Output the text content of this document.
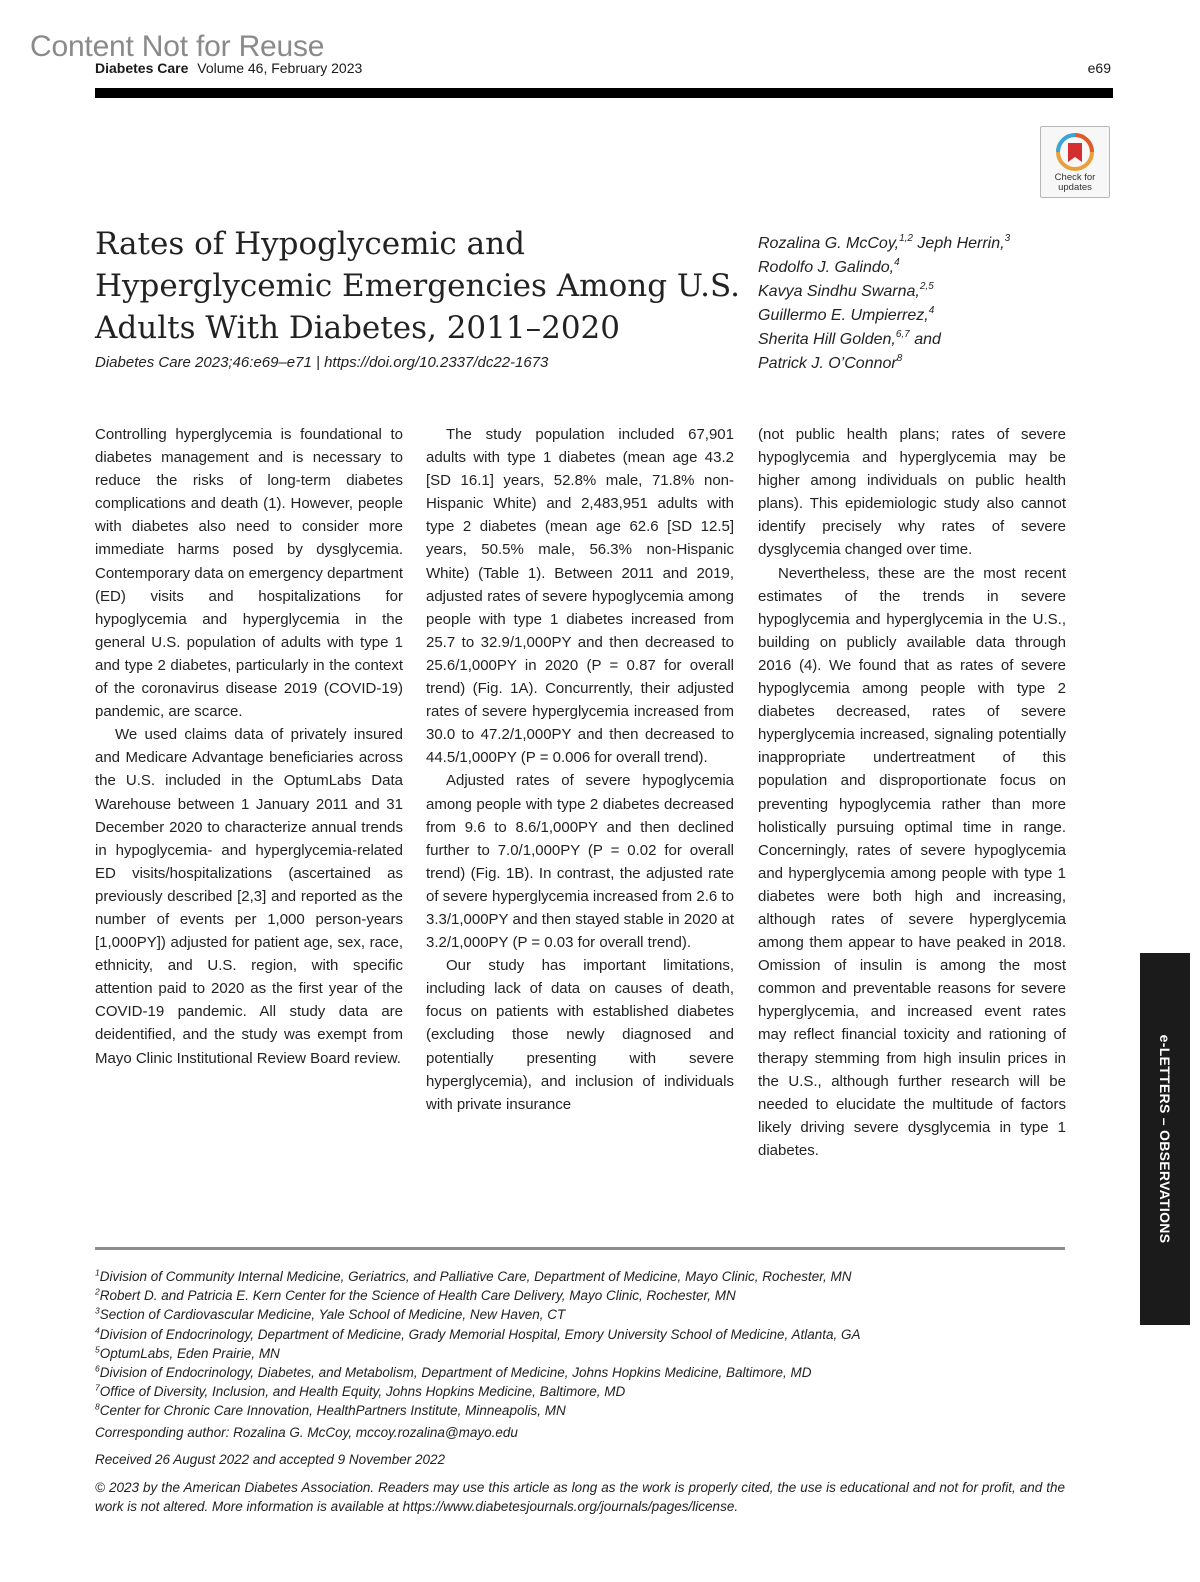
Content Not for Reuse
Diabetes Care Volume 46, February 2023	e69
Check for updates
Rates of Hypoglycemic and
Hyperglycemic Emergencies Among U.S.
Adults With Diabetes, 2011–2020
Diabetes Care 2023;46:e69–e71 | https://doi.org/10.2337/dc22-1673
Rozalina G. McCoy,$^{1,2}$ Jeph Herrin,$^3$
Rodolfo J. Galindo,$^4$
Kavya Sindhu Swarna,$^{2,5}$
Guillermo E. Umpierrez,$^4$
Sherita Hill Golden,$^{6,7}$ and
Patrick J. O’Connor$^8$

Controlling hyperglycemia is foundational to diabetes management and is necessary to reduce the risks of long-term diabetes complications and death (1). However, people with diabetes also need to consider more immediate harms posed by dysglycemia. Contemporary data on emergency department (ED) visits and hospitalizations for hypoglycemia and hyperglycemia in the general U.S. population of adults with type 1 and type 2 diabetes, particularly in the context of the coronavirus disease 2019 (COVID-19) pandemic, are scarce.

We used claims data of privately insured and Medicare Advantage beneficiaries across the U.S. included in the OptumLabs Data Warehouse between 1 January 2011 and 31 December 2020 to characterize annual trends in hypoglycemia- and hyperglycemia-related ED visits/hospitalizations (ascertained as previously described [2,3] and reported as the number of events per 1,000 person-years [1,000PY]) adjusted for patient age, sex, race, ethnicity, and U.S. region, with specific attention paid to 2020 as the first year of the COVID-19 pandemic. All study data are deidentified, and the study was exempt from Mayo Clinic Institutional Review Board review.

The study population included 67,901 adults with type 1 diabetes (mean age 43.2 [SD 16.1] years, 52.8% male, 71.8% non-Hispanic White) and 2,483,951 adults with type 2 diabetes (mean age 62.6 [SD 12.5] years, 50.5% male, 56.3% non-Hispanic White) (Table 1). Between 2011 and 2019, adjusted rates of severe hypoglycemia among people with type 1 diabetes increased from 25.7 to 32.9/1,000PY and then decreased to 25.6/1,000PY in 2020 (P = 0.87 for overall trend) (Fig. 1A). Concurrently, their adjusted rates of severe hyperglycemia increased from 30.0 to 47.2/1,000PY and then decreased to 44.5/1,000PY (P = 0.006 for overall trend).

Adjusted rates of severe hypoglycemia among people with type 2 diabetes decreased from 9.6 to 8.6/1,000PY and then declined further to 7.0/1,000PY (P = 0.02 for overall trend) (Fig. 1B). In contrast, the adjusted rate of severe hyperglycemia increased from 2.6 to 3.3/1,000PY and then stayed stable in 2020 at 3.2/1,000PY (P = 0.03 for overall trend).

Our study has important limitations, including lack of data on causes of death, focus on patients with established diabetes (excluding those newly diagnosed and potentially presenting with severe hyperglycemia), and inclusion of individuals with private insurance

(not public health plans; rates of severe hypoglycemia and hyperglycemia may be higher among individuals on public health plans). This epidemiologic study also cannot identify precisely why rates of severe dysglycemia changed over time.

Nevertheless, these are the most recent estimates of the trends in severe hypoglycemia and hyperglycemia in the U.S., building on publicly available data through 2016 (4). We found that as rates of severe hypoglycemia among people with type 2 diabetes decreased, rates of severe hyperglycemia increased, signaling potentially inappropriate undertreatment of this population and disproportionate focus on preventing hypoglycemia rather than more holistically pursuing optimal time in range. Concerningly, rates of severe hypoglycemia and hyperglycemia among people with type 1 diabetes were both high and increasing, although rates of severe hyperglycemia among them appear to have peaked in 2018. Omission of insulin is among the most common and preventable reasons for severe hyperglycemia, and increased event rates may reflect financial toxicity and rationing of therapy stemming from high insulin prices in the U.S., although further research will be needed to elucidate the multitude of factors likely driving severe dysglycemia in type 1 diabetes.	e-LETTERS – OBSERVATIONS
$^1$Division of Community Internal Medicine, Geriatrics, and Palliative Care, Department of Medicine, Mayo Clinic, Rochester, MN
$^2$Robert D. and Patricia E. Kern Center for the Science of Health Care Delivery, Mayo Clinic, Rochester, MN
$^3$Section of Cardiovascular Medicine, Yale School of Medicine, New Haven, CT
$^4$Division of Endocrinology, Department of Medicine, Grady Memorial Hospital, Emory University School of Medicine, Atlanta, GA
$^5$OptumLabs, Eden Prairie, MN
$^6$Division of Endocrinology, Diabetes, and Metabolism, Department of Medicine, Johns Hopkins Medicine, Baltimore, MD
$^7$Office of Diversity, Inclusion, and Health Equity, Johns Hopkins Medicine, Baltimore, MD
$^8$Center for Chronic Care Innovation, HealthPartners Institute, Minneapolis, MN
Corresponding author: Rozalina G. McCoy, mccoy.rozalina@mayo.edu
Received 26 August 2022 and accepted 9 November 2022
© 2023 by the American Diabetes Association. Readers may use this article as long as the work is properly cited, the use is educational and not for profit, and the work is not altered. More information is available at https://www.diabetesjournals.org/journals/pages/license.
